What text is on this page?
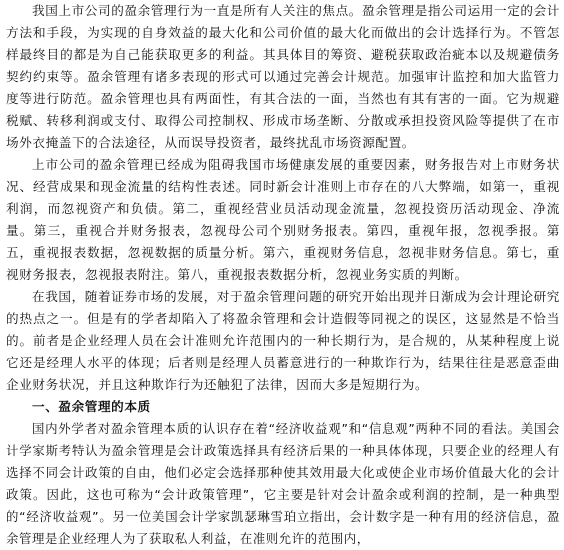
我国上市公司的盈余管理行为一直是所有人关注的焦点。盈余管理是指公司运用一定的会计方法和手段，为实现的自身效益的最大化和公司价值的最大化而做出的会计选择行为。不管怎样最终目的都是为自己能获取更多的利益。其具体目的筹资、避税获取政治疵本以及规避债务契约约束等。盈余管理有诸多表现的形式可以通过完善会计规范。加强审计监控和加大监管力度等进行防范。盈余管理也具有两面性，有其合法的一面，当然也有其有害的一面。它为规避税赋、转移利润或支付、取得公司控制权、形成市场垄断、分散或承担投资风险等提供了在市场外衣掩盖下的合法途径，从而误导投资者，最终扰乱市场资源配置。

上市公司的盈余管理已经成为阻碍我国市场健康发展的重要因素，财务报告对上市财务状况、经营成果和现金流量的结构性表述。同时新会计准则上市存在的八大弊端，如第一，重视利润，而忽视资产和负债。第二，重视经营业员活动现金流量，忽视投资历活动现金、净流量。第三，重视合并财务报表，忽视母公司个别财务报表。第四，重视年报，忽视季报。第五，重视报表数据，忽视数据的质量分析。第六，重视财务信息，忽视非财务信息。第七，重视财务报表，忽视报表附注。第八，重视报表数据分析，忽视业务实质的判断。

在我国，随着证券市场的发展，对于盈余管理问题的研究开始出现并日渐成为会计理论研究的热点之一。但是有的学者却陷入了将盈余管理和会计造假等同视之的误区，这显然是不恰当的。前者是企业经理人员在会计准则允许范围内的一种长期行为，是合规的，从某种程度上说它还是经理人水平的体现；后者则是经理人员蓄意进行的一种欺诈行为，结果往往是恶意歪曲企业财务状况，并且这种欺诈行为还触犯了法律，因而大多是短期行为。

一、盈余管理的本质

国内外学者对盈余管理本质的认识存在着“经济收益观”和“信息观”两种不同的看法。美国会计学家斯考特认为盈余管理是会计政策选择具有经济后果的一种具体体现，只要企业的经理人有选择不同会计政策的自由，他们必定会选择那种使其效用最大化或使企业市场价值最大化的会计政策。因此，这也可称为“会计政策管理”，它主要是针对会计盈余或利润的控制，是一种典型的“经济收益观”。另一位美国会计学家凯瑟琳雪珀立指出，会计数字是一种有用的经济信息，盈余管理是企业经理人为了获取私人利益，在准则允许的范围内，
